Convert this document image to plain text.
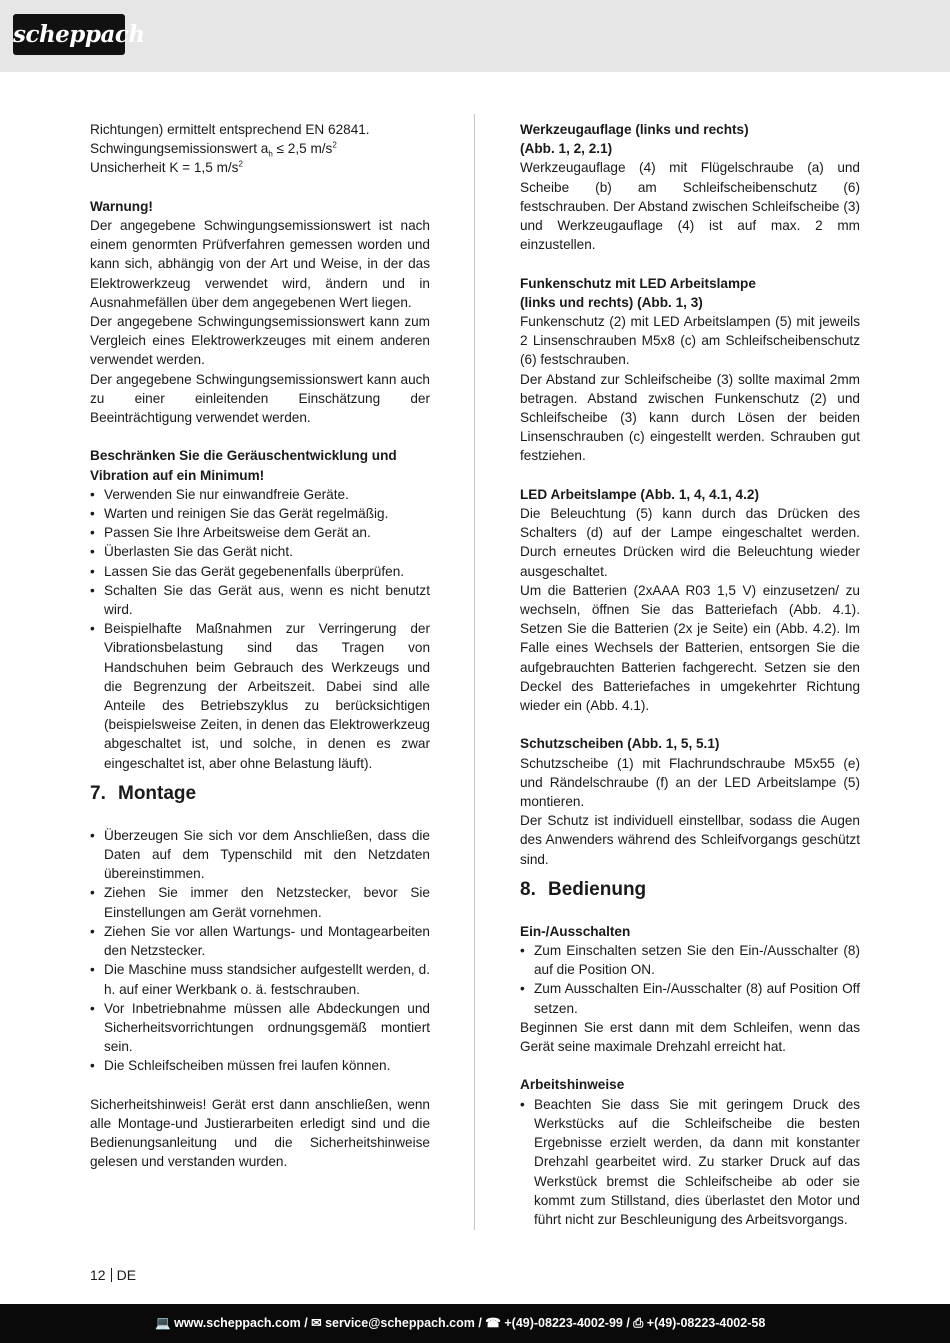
scheppach

Richtungen) ermittelt entsprechend EN 62841.

Schwingungsemissionswert $a_h \le 2,5$ $m/s^2$

Unsicherheit K = 1,5 $m/s^2$

Warnung!

Der angegebene Schwingungsemissionswert ist nach einem genormten Prüfverfahren gemessen worden und kann sich, abhängig von der Art und Weise, in der das Elektrowerkzeug verwendet wird, ändern und in Ausnahmefällen über dem angegebenen Wert liegen.

Der angegebene Schwingungsemissionswert kann zum Vergleich eines Elektrowerkzeuges mit einem anderen verwendet werden.

Der angegebene Schwingungsemissionswert kann auch zu einer einleitenden Einschätzung der Beeinträchtigung verwendet werden.

Beschränken Sie die Geräuschentwicklung und

Vibration auf ein Minimum!

• Verwenden Sie nur einwandfreie Geräte.
• Warten und reinigen Sie das Gerät regelmäßig.
• Passen Sie Ihre Arbeitsweise dem Gerät an.
• Überlasten Sie das Gerät nicht.
• Lassen Sie das Gerät gegebenenfalls überprüfen.
• Schalten Sie das Gerät aus, wenn es nicht benutzt wird.
• Beispielhafte Maßnahmen zur Verringerung der Vibrationsbelastung sind das Tragen von Handschuhen beim Gebrauch des Werkzeugs und die Begrenzung der Arbeitszeit. Dabei sind alle Anteile des Betriebszyklus zu berücksichtigen (beispielsweise Zeiten, in denen das Elektrowerkzeug abgeschaltet ist, und solche, in denen es zwar eingeschaltet ist, aber ohne Belastung läuft).
7. Montage
• Überzeugen Sie sich vor dem Anschließen, dass die Daten auf dem Typenschild mit den Netzdaten übereinstimmen.
• Ziehen Sie immer den Netzstecker, bevor Sie Einstellungen am Gerät vornehmen.
• Ziehen Sie vor allen Wartungs- und Montagearbeiten den Netzstecker.
• Die Maschine muss standsicher aufgestellt werden, d. h. auf einer Werkbank o. ä. festschrauben.
• Vor Inbetriebnahme müssen alle Abdeckungen und Sicherheitsvorrichtungen ordnungsgemäß montiert sein.
• Die Schleifscheiben müssen frei laufen können.

Sicherheitshinweis! Gerät erst dann anschließen, wenn alle Montage-und Justierarbeiten erledigt sind und die Bedienungsanleitung und die Sicherheitshinweise gelesen und verstanden wurden.

Werkzeugauflage (links und rechts)

(Abb. 1, 2, 2.1)

Werkzeugauflage (4) mit Flügelschraube (a) und Scheibe (b) am Schleifscheibenschutz (6) festschrauben. Der Abstand zwischen Schleifscheibe (3) und Werkzeugauflage (4) ist auf max. 2 mm einzustellen.

Funkenschutz mit LED Arbeitslampe

(links und rechts) (Abb. 1, 3)

Funkenschutz (2) mit LED Arbeitslampen (5) mit jeweils 2 Linsenschrauben M5x8 (c) am Schleifscheibenschutz (6) festschrauben.

Der Abstand zur Schleifscheibe (3) sollte maximal 2mm betragen. Abstand zwischen Funkenschutz (2) und Schleifscheibe (3) kann durch Lösen der beiden Linsenschrauben (c) eingestellt werden. Schrauben gut festziehen.

LED Arbeitslampe (Abb. 1, 4, 4.1, 4.2)

Die Beleuchtung (5) kann durch das Drücken des Schalters (d) auf der Lampe eingeschaltet werden. Durch erneutes Drücken wird die Beleuchtung wieder ausgeschaltet.

Um die Batterien (2xAAA R03 1,5 V) einzusetzen/ zu wechseln, öffnen Sie das Batteriefach (Abb. 4.1). Setzen Sie die Batterien (2x je Seite) ein (Abb. 4.2). Im Falle eines Wechsels der Batterien, entsorgen Sie die aufgebrauchten Batterien fachgerecht. Setzen sie den Deckel des Batteriefaches in umgekehrter Richtung wieder ein (Abb. 4.1).

Schutzscheiben (Abb. 1, 5, 5.1)

Schutzscheibe (1) mit Flachrundschraube M5x55 (e) und Rändelschraube (f) an der LED Arbeitslampe (5) montieren.

Der Schutz ist individuell einstellbar, sodass die Augen des Anwenders während des Schleifvorgangs geschützt sind.

8. Bedienung

Ein-/Ausschalten

• Zum Einschalten setzen Sie den Ein-/Ausschalter (8) auf die Position ON.
• Zum Ausschalten Ein-/Ausschalter (8) auf Position Off setzen.

Beginnen Sie erst dann mit dem Schleifen, wenn das Gerät seine maximale Drehzahl erreicht hat.

Arbeitshinweise

• Beachten Sie dass Sie mit geringem Druck des Werkstücks auf die Schleifscheibe die besten Ergebnisse erzielt werden, da dann mit konstanter Drehzahl gearbeitet wird. Zu starker Druck auf das Werkstück bremst die Schleifscheibe ab oder sie kommt zum Stillstand, dies überlastet den Motor und führt nicht zur Beschleunigung des Arbeitsvorgangs.
12 DE
💻 www.scheppach.com / ✉ service@scheppach.com / ☎ +(49)-08223-4002-99 / ⎙ +(49)-08223-4002-58
